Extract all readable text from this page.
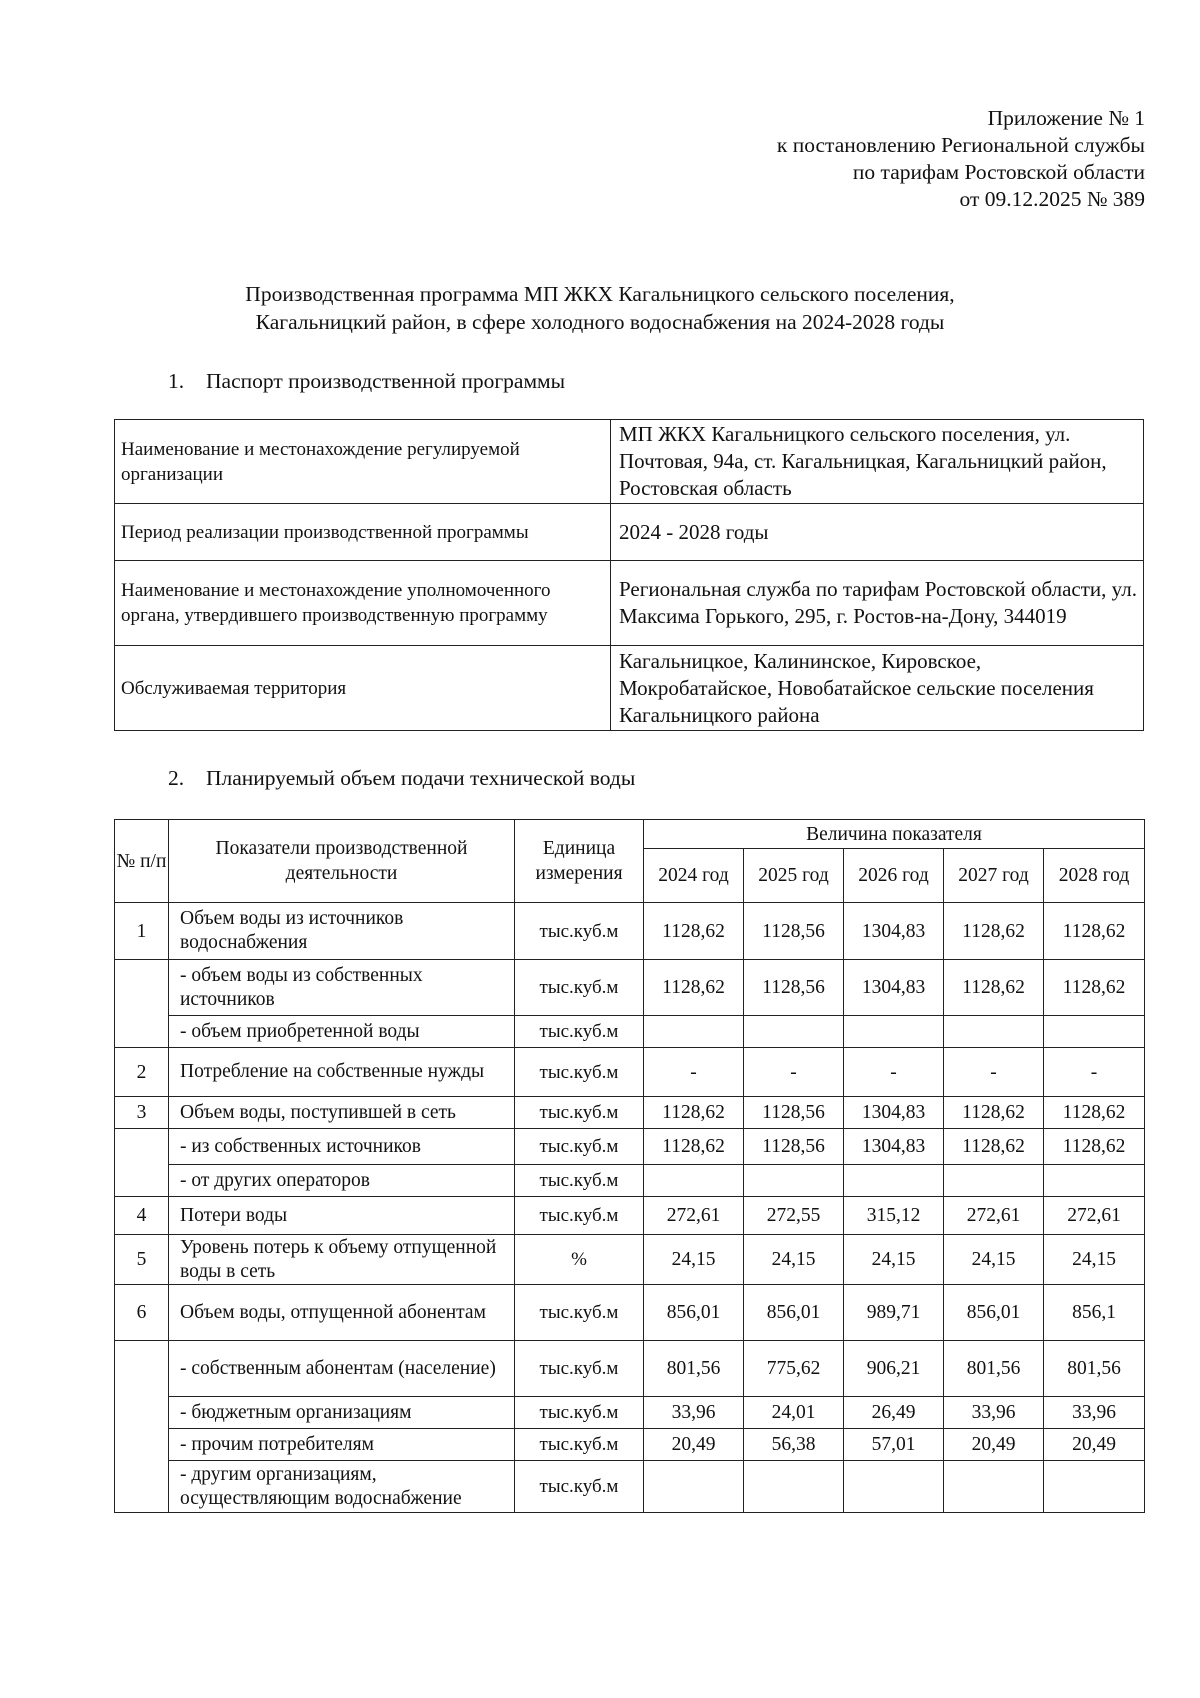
Приложение № 1
к постановлению Региональной службы
по тарифам Ростовской области
от 09.12.2025 № 389
Производственная программа МП ЖКХ Кагальницкого сельского поселения,
Кагальницкий район, в сфере холодного водоснабжения на 2024-2028 годы
1. Паспорт производственной программы
Наименование и местонахождение регулируемой организации	МП ЖКХ Кагальницкого сельского поселения, ул. Почтовая, 94а, ст. Кагальницкая, Кагальницкий район, Ростовская область
Период реализации производственной программы	2024 - 2028 годы
Наименование и местонахождение уполномоченного органа, утвердившего производственную программу	Региональная служба по тарифам Ростовской области, ул. Максима Горького, 295, г. Ростов-на-Дону, 344019
Обслуживаемая территория	Кагальницкое, Калининское, Кировское, Мокробатайское, Новобатайское сельские поселения Кагальницкого района
2. Планируемый объем подачи технической воды
№ п/п	Показатели производственной деятельности	Единица измерения	Величина показателя				
			2024 год	2025 год	2026 год	2027 год	2028 год
1	Объем воды из источников водоснабжения	тыс.куб.м	1128,62	1128,56	1304,83	1128,62	1128,62
	- объем воды из собственных источников	тыс.куб.м	1128,62	1128,56	1304,83	1128,62	1128,62
	- объем приобретенной воды	тыс.куб.м					
2	Потребление на собственные нужды	тыс.куб.м	-	-	-	-	-
3	Объем воды, поступившей в сеть	тыс.куб.м	1128,62	1128,56	1304,83	1128,62	1128,62
	- из собственных источников	тыс.куб.м	1128,62	1128,56	1304,83	1128,62	1128,62
	- от других операторов	тыс.куб.м					
4	Потери воды	тыс.куб.м	272,61	272,55	315,12	272,61	272,61
5	Уровень потерь к объему отпущенной воды в сеть	%	24,15	24,15	24,15	24,15	24,15
6	Объем воды, отпущенной абонентам	тыс.куб.м	856,01	856,01	989,71	856,01	856,1
	- собственным абонентам (население)	тыс.куб.м	801,56	775,62	906,21	801,56	801,56
	- бюджетным организациям	тыс.куб.м	33,96	24,01	26,49	33,96	33,96
	- прочим потребителям	тыс.куб.м	20,49	56,38	57,01	20,49	20,49
	- другим организациям, осуществляющим водоснабжение	тыс.куб.м					
